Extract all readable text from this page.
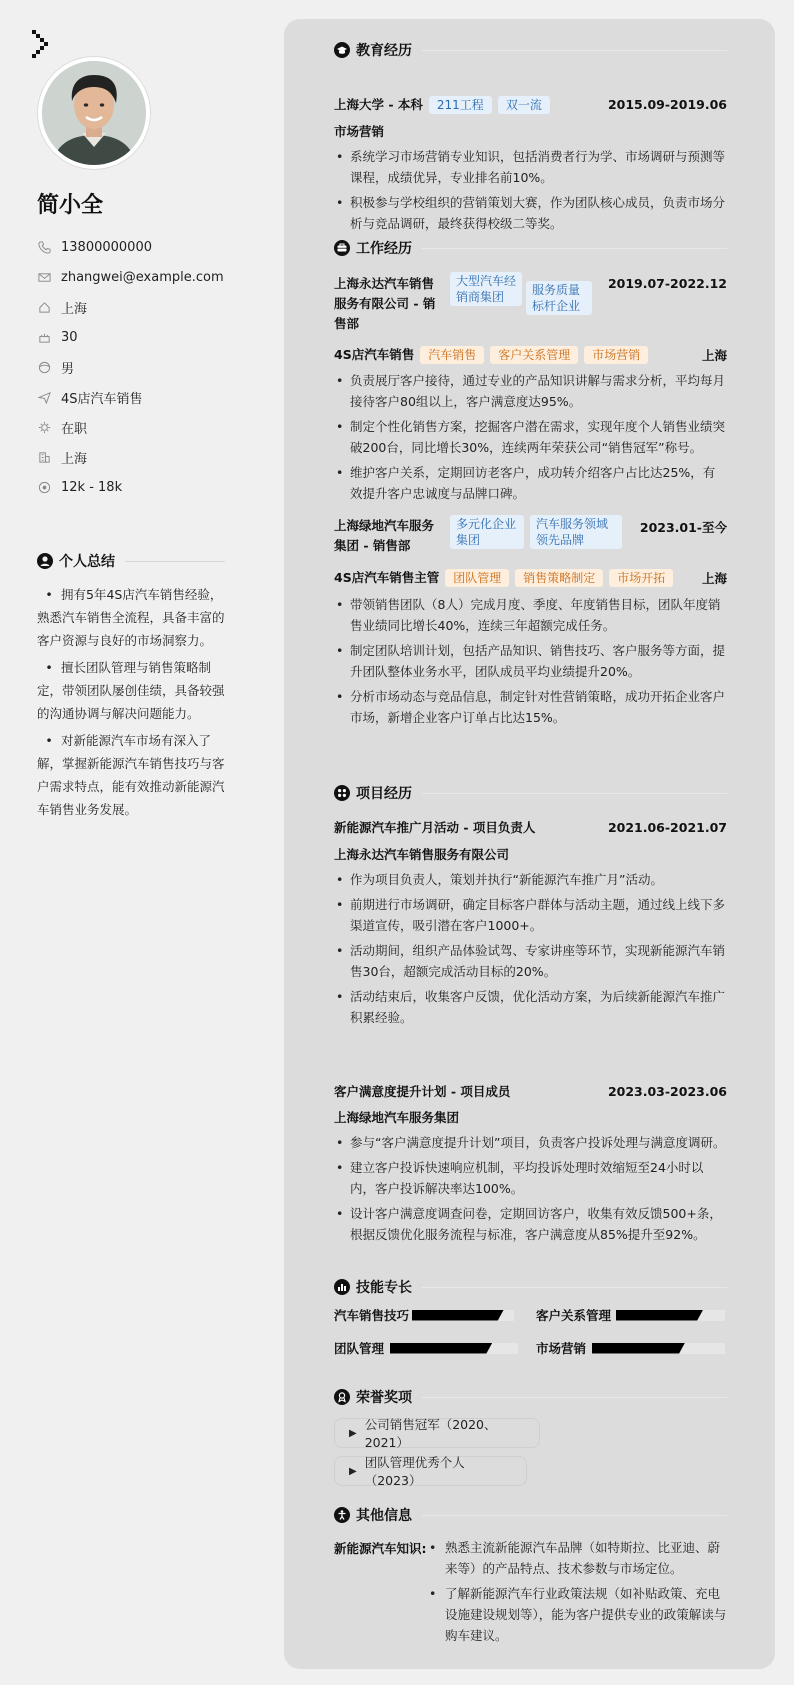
简小全
13800000000
zhangwei@example.com
上海
30
男
4S店汽车销售
在职
上海
12k - 18k
个人总结
• 拥有5年4S店汽车销售经验，熟悉汽车销售全流程，具备丰富的客户资源与良好的市场洞察力。
• 擅长团队管理与销售策略制定，带领团队屡创佳绩，具备较强的沟通协调与解决问题能力。
• 对新能源汽车市场有深入了解，掌握新能源汽车销售技巧与客户需求特点，能有效推动新能源汽车销售业务发展。
教育经历
上海大学 - 本科 211工程 双一流	2015.09-2019.06
市场营销
• 系统学习市场营销专业知识，包括消费者行为学、市场调研与预测等课程，成绩优异，专业排名前10%。
• 积极参与学校组织的营销策划大赛，作为团队核心成员，负责市场分析与竞品调研，最终获得校级二等奖。
工作经历
上海永达汽车销售服务有限公司 - 销售部
大型汽车经销商集团	服务质量标杆企业
2019.07-2022.12
4S店汽车销售 汽车销售 客户关系管理 市场营销	上海
• 负责展厅客户接待，通过专业的产品知识讲解与需求分析，平均每月接待客户80组以上，客户满意度达95%。
• 制定个性化销售方案，挖掘客户潜在需求，实现年度个人销售业绩突破200台，同比增长30%，连续两年荣获公司“销售冠军”称号。
• 维护客户关系，定期回访老客户，成功转介绍客户占比达25%，有效提升客户忠诚度与品牌口碑。
上海绿地汽车服务集团 - 销售部
多元化企业集团
汽车服务领域领先品牌
2023.01-至今
4S店汽车销售主管 团队管理 销售策略制定 市场开拓	上海
• 带领销售团队（8人）完成月度、季度、年度销售目标，团队年度销售业绩同比增长40%，连续三年超额完成任务。
• 制定团队培训计划，包括产品知识、销售技巧、客户服务等方面，提升团队整体业务水平，团队成员平均业绩提升20%。
• 分析市场动态与竞品信息，制定针对性营销策略，成功开拓企业客户市场，新增企业客户订单占比达15%。
项目经历
新能源汽车推广月活动 - 项目负责人	2021.06-2021.07
上海永达汽车销售服务有限公司
• 作为项目负责人，策划并执行“新能源汽车推广月”活动。
• 前期进行市场调研，确定目标客户群体与活动主题，通过线上线下多渠道宣传，吸引潜在客户1000+。
• 活动期间，组织产品体验试驾、专家讲座等环节，实现新能源汽车销售30台，超额完成活动目标的20%。
• 活动结束后，收集客户反馈，优化活动方案，为后续新能源汽车推广积累经验。
客户满意度提升计划 - 项目成员	2023.03-2023.06
上海绿地汽车服务集团
• 参与“客户满意度提升计划”项目，负责客户投诉处理与满意度调研。
• 建立客户投诉快速响应机制，平均投诉处理时效缩短至24小时以内，客户投诉解决率达100%。
• 设计客户满意度调查问卷，定期回访客户，收集有效反馈500+条，根据反馈优化服务流程与标准，客户满意度从85%提升至92%。
技能专长
汽车销售技巧	客户关系管理
团队管理	市场营销
荣誉奖项
▶
公司销售冠军（2020、2021）
▶
团队管理优秀个人（2023）
其他信息
新能源汽车知识:
•	熟悉主流新能源汽车品牌（如特斯拉、比亚迪、蔚来等）的产品特点、技术参数与市场定位。
• 了解新能源汽车行业政策法规（如补贴政策、充电设施建设规划等），能为客户提供专业的政策解读与购车建议。
